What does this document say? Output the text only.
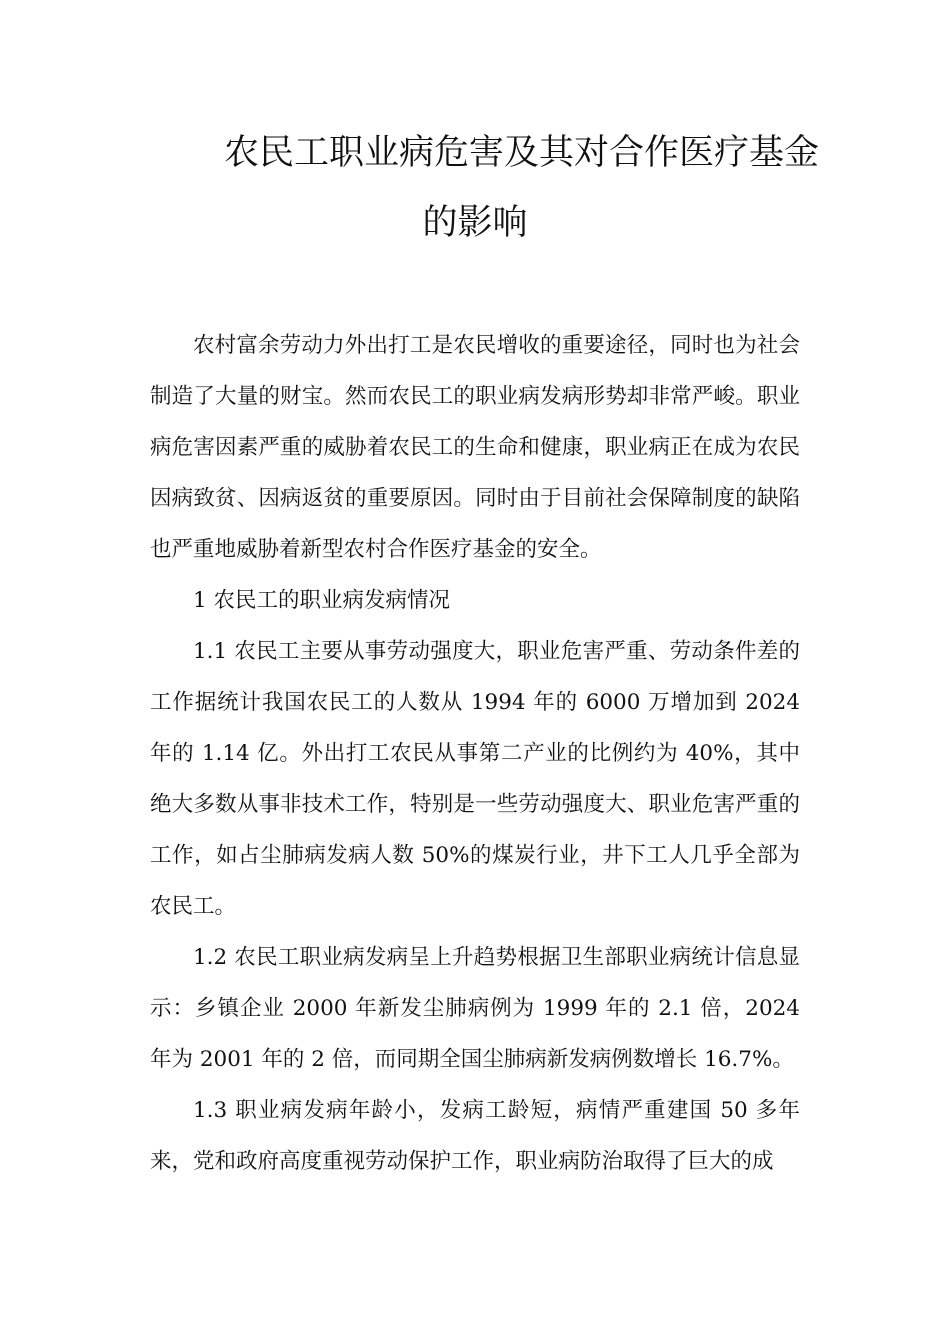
农民工职业病危害及其对合作医疗基金
的影响

农村富余劳动力外出打工是农民增收的重要途径，同时也为社会制造了大量的财宝。然而农民工的职业病发病形势却非常严峻。职业病危害因素严重的威胁着农民工的生命和健康，职业病正在成为农民因病致贫、因病返贫的重要原因。同时由于目前社会保障制度的缺陷也严重地威胁着新型农村合作医疗基金的安全。

1 农民工的职业病发病情况

1.1 农民工主要从事劳动强度大，职业危害严重、劳动条件差的工作据统计我国农民工的人数从 1994 年的 6000 万增加到 2024 年的 1.14 亿。外出打工农民从事第二产业的比例约为 40%，其中绝大多数从事非技术工作，特别是一些劳动强度大、职业危害严重的工作，如占尘肺病发病人数 50%的煤炭行业，井下工人几乎全部为农民工。

1.2 农民工职业病发病呈上升趋势根据卫生部职业病统计信息显示：乡镇企业 2000 年新发尘肺病例为 1999 年的 2.1 倍，2024 年为 2001 年的 2 倍，而同期全国尘肺病新发病例数增长 16.7%。

1.3 职业病发病年龄小，发病工龄短，病情严重建国 50 多年来，党和政府高度重视劳动保护工作，职业病防治取得了巨大的成
